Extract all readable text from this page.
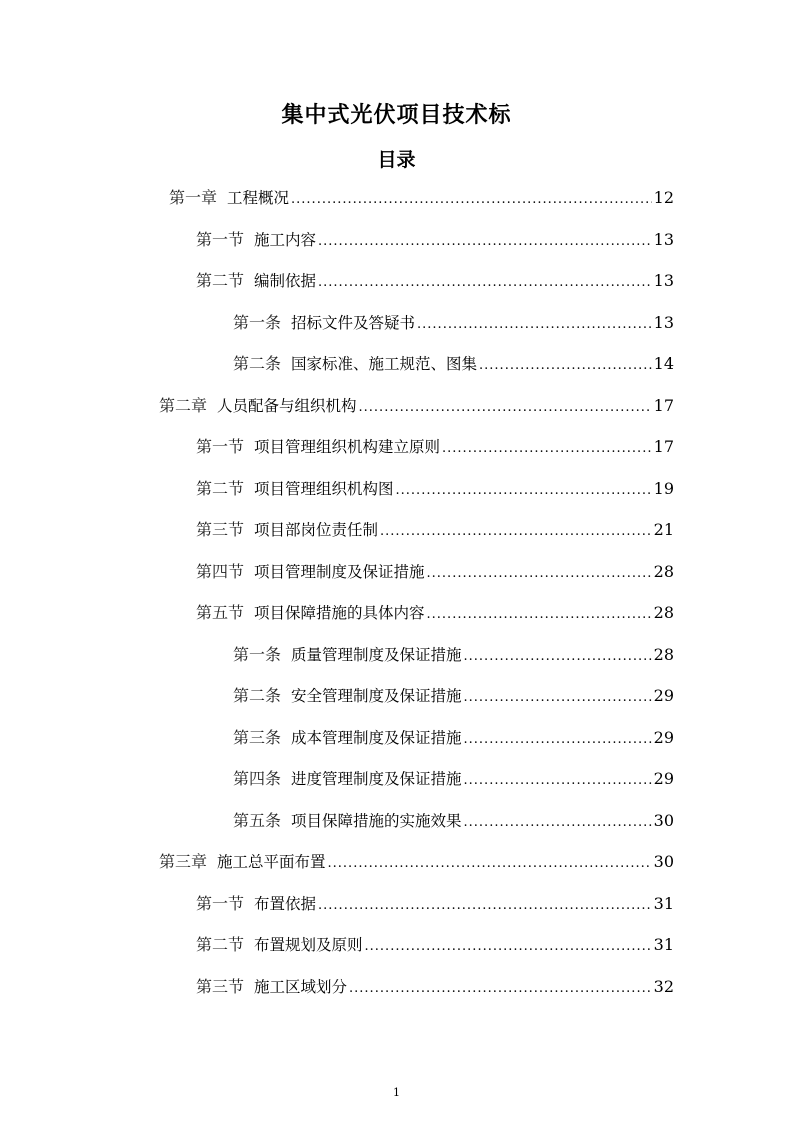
集中式光伏项目技术标
目录
第一章 工程概况 .....	12
第一节 施工内容 .....	13
第二节 编制依据 .....	13
第一条 招标文件及答疑书 .....	13
第二条 国家标准、施工规范、图集 .....	14
第二章 人员配备与组织机构 .....	17
第一节 项目管理组织机构建立原则 .....	17
第二节 项目管理组织机构图 .....	19
第三节 项目部岗位责任制 .....	21
第四节 项目管理制度及保证措施 .....	28
第五节 项目保障措施的具体内容 .....	28
第一条 质量管理制度及保证措施 .....	28
第二条 安全管理制度及保证措施 .....	29
第三条 成本管理制度及保证措施 .....	29
第四条 进度管理制度及保证措施 .....	29
第五条 项目保障措施的实施效果 .....	30
第三章 施工总平面布置 .....	30
第一节 布置依据 .....	31
第二节 布置规划及原则 .....	31
第三节 施工区域划分 .....	32
1
